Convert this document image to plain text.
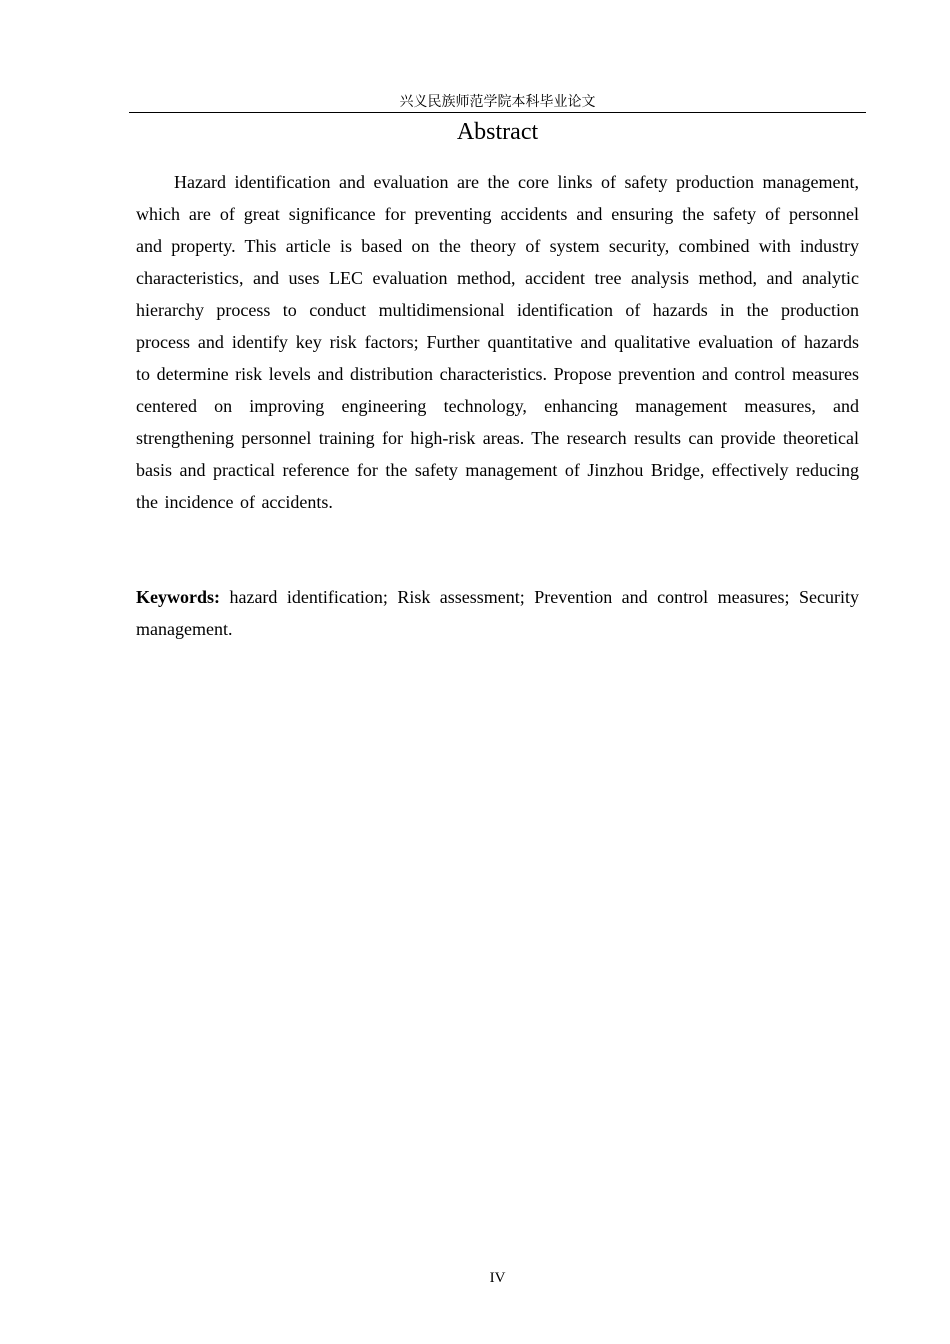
兴义民族师范学院本科毕业论文
Abstract

Hazard identification and evaluation are the core links of safety production management, which are of great significance for preventing accidents and ensuring the safety of personnel and property. This article is based on the theory of system security, combined with industry characteristics, and uses LEC evaluation method, accident tree analysis method, and analytic hierarchy process to conduct multidimensional identification of hazards in the production process and identify key risk factors; Further quantitative and qualitative evaluation of hazards to determine risk levels and distribution characteristics. Propose prevention and control measures centered on improving engineering technology, enhancing management measures, and strengthening personnel training for high-risk areas. The research results can provide theoretical basis and practical reference for the safety management of Jinzhou Bridge, effectively reducing the incidence of accidents.

Keywords: hazard identification; Risk assessment; Prevention and control measures; Security management.

IV
